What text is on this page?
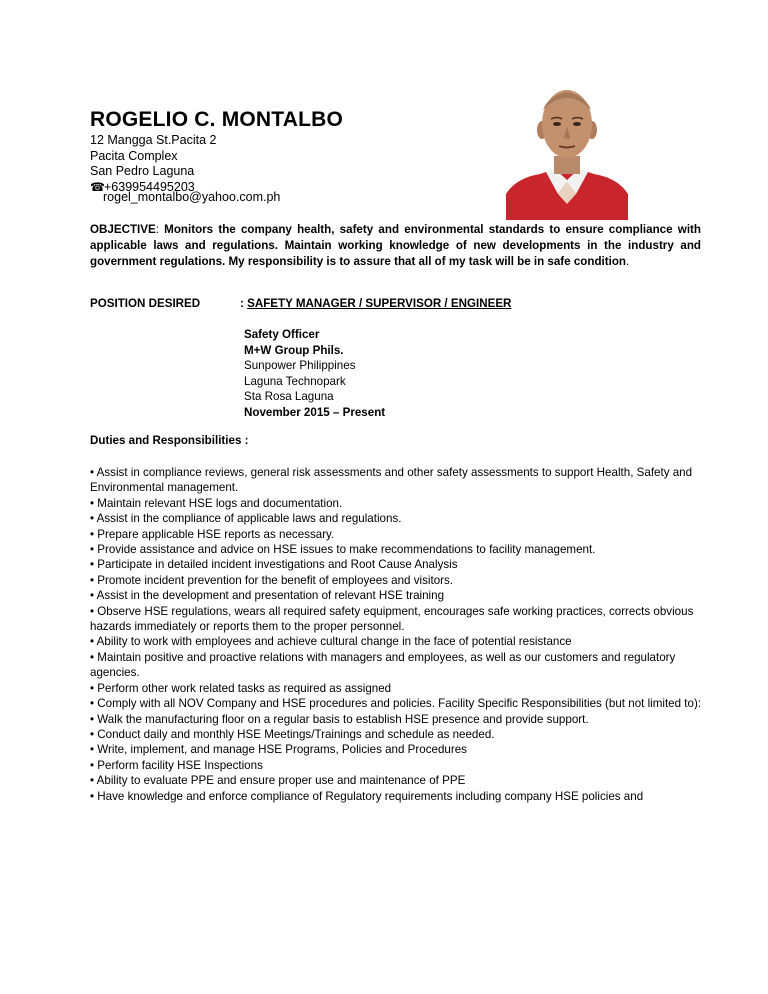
ROGELIO C. MONTALBO
12 Mangga St.Pacita 2
Pacita Complex
San Pedro Laguna
☎+639954495203
rogel_montalbo@yahoo.com.ph
OBJECTIVE: Monitors the company health, safety and environmental standards to ensure compliance with applicable laws and regulations. Maintain working knowledge of new developments in the industry and government regulations. My responsibility is to assure that all of my task will be in safe condition.
POSITION DESIRED	: SAFETY MANAGER / SUPERVISOR / ENGINEER
Safety Officer
M+W Group Phils.
Sunpower Philippines
Laguna Technopark
Sta Rosa Laguna
November 2015 – Present
Duties and Responsibilities :
• Assist in compliance reviews, general risk assessments and other safety assessments to support Health, Safety and Environmental management.
• Maintain relevant HSE logs and documentation.
• Assist in the compliance of applicable laws and regulations.
• Prepare applicable HSE reports as necessary.
• Provide assistance and advice on HSE issues to make recommendations to facility management.
• Participate in detailed incident investigations and Root Cause Analysis
• Promote incident prevention for the benefit of employees and visitors.
• Assist in the development and presentation of relevant HSE training
• Observe HSE regulations, wears all required safety equipment, encourages safe working practices, corrects obvious hazards immediately or reports them to the proper personnel.
• Ability to work with employees and achieve cultural change in the face of potential resistance
• Maintain positive and proactive relations with managers and employees, as well as our customers and regulatory agencies.
• Perform other work related tasks as required as assigned
• Comply with all NOV Company and HSE procedures and policies. Facility Specific Responsibilities (but not limited to):
• Walk the manufacturing floor on a regular basis to establish HSE presence and provide support.
• Conduct daily and monthly HSE Meetings/Trainings and schedule as needed.
• Write, implement, and manage HSE Programs, Policies and Procedures
• Perform facility HSE Inspections
• Ability to evaluate PPE and ensure proper use and maintenance of PPE
• Have knowledge and enforce compliance of Regulatory requirements including company HSE policies and
